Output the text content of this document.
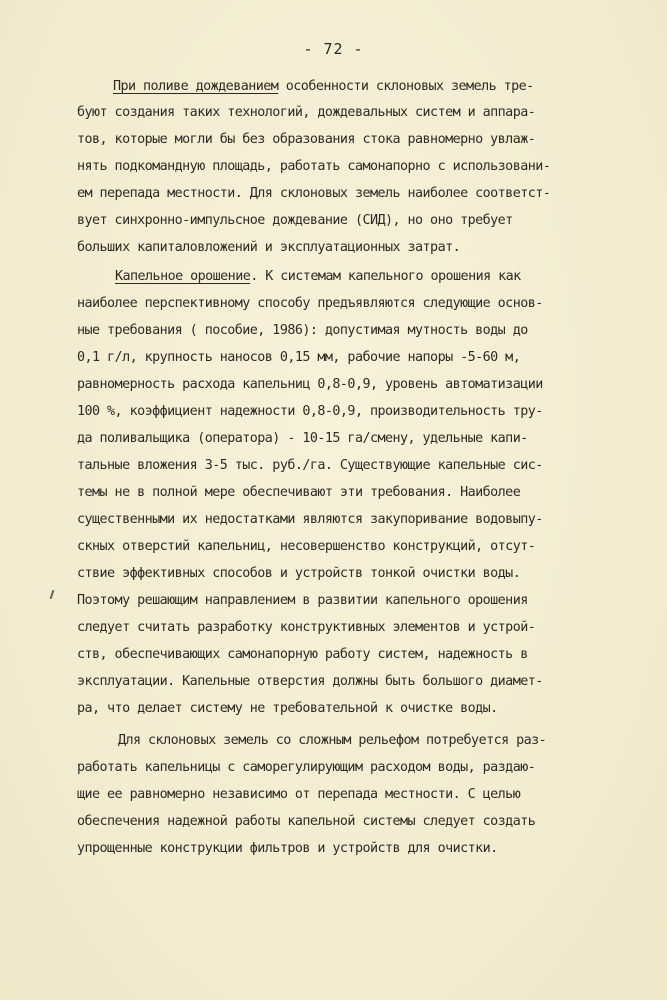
- 72 -
При поливе дождеванием особенности склоновых земель тре-
буют создания таких технологий, дождевальных систем и аппара-
тов, которые могли бы без образования стока равномерно увлаж-
нять подкомандную площадь, работать самонапорно с использовани-
ем перепада местности. Для склоновых земель наиболее соответст-
вует синхронно-импульсное дождевание (СИД), но оно требует
больших капиталовложений и эксплуатационных затрат.
Капельное орошение. К системам капельного орошения как
наиболее перспективному способу предъявляются следующие основ-
ные требования ( пособие, 1986): допустимая мутность воды до
0,1 г/л, крупность наносов 0,15 мм, рабочие напоры -5-60 м,
равномерность расхода капельниц 0,8-0,9, уровень автоматизации
100 %, коэффициент надежности 0,8-0,9, производительность тру-
да поливальщика (оператора) - 10-15 га/смену, удельные капи-
тальные вложения 3-5 тыс. руб./га. Существующие капельные сис-
темы не в полной мере обеспечивают эти требования. Наиболее
существенными их недостатками являются закупоривание водовыпу-
скных отверстий капельниц, несовершенство конструкций, отсут-
ствие эффективных способов и устройств тонкой очистки воды.
Поэтому решающим направлением в развитии капельного орошения
следует считать разработку конструктивных элементов и устрой-
ств, обеспечивающих самонапорную работу систем, надежность в
эксплуатации. Капельные отверстия должны быть большого диамет-
ра, что делает систему не требовательной к очистке воды.
Для склоновых земель со сложным рельефом потребуется раз-
работать капельницы с саморегулирующим расходом воды, раздаю-
щие ее равномерно независимо от перепада местности. С целью
обеспечения надежной работы капельной системы следует создать
упрощенные конструкции фильтров и устройств для очистки.
